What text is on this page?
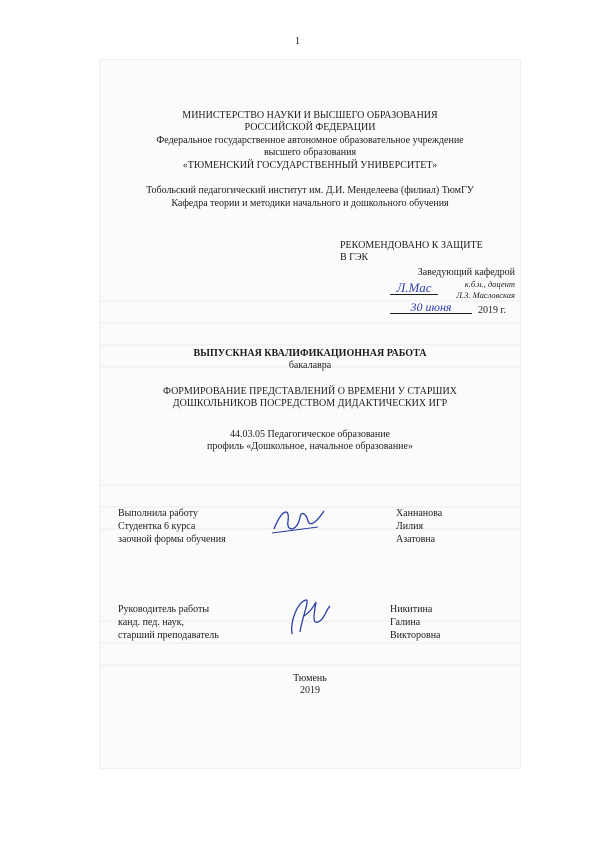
1
МИНИСТЕРСТВО НАУКИ И ВЫСШЕГО ОБРАЗОВАНИЯ
РОССИЙСКОЙ ФЕДЕРАЦИИ
Федеральное государственное автономное образовательное учреждение
высшего образования
«ТЮМЕНСКИЙ ГОСУДАРСТВЕННЫЙ УНИВЕРСИТЕТ»
Тобольский педагогический институт им. Д.И. Менделеева (филиал) ТюмГУ
Кафедра теории и методики начального и дошкольного обучения
РЕКОМЕНДОВАНО К ЗАЩИТЕ
В ГЭК
Заведующий кафедрой
к.б.н., доцент
Л.З. Масловская
Л.Мас
30 июня	2019 г.
ВЫПУСКНАЯ КВАЛИФИКАЦИОННАЯ РАБОТА
бакалавра
ФОРМИРОВАНИЕ ПРЕДСТАВЛЕНИЙ О ВРЕМЕНИ У СТАРШИХ
ДОШКОЛЬНИКОВ ПОСРЕДСТВОМ ДИДАКТИЧЕСКИХ ИГР
44.03.05 Педагогическое образование
профиль «Дошкольное, начальное образование»
Выполнила работу
Студентка 6 курса
заочной формы обучения
Ханнанова
Лилия
Азатовна
Руководитель работы
канд. пед. наук,
старший преподаватель
Никитина
Галина
Викторовна
Тюмень
2019
